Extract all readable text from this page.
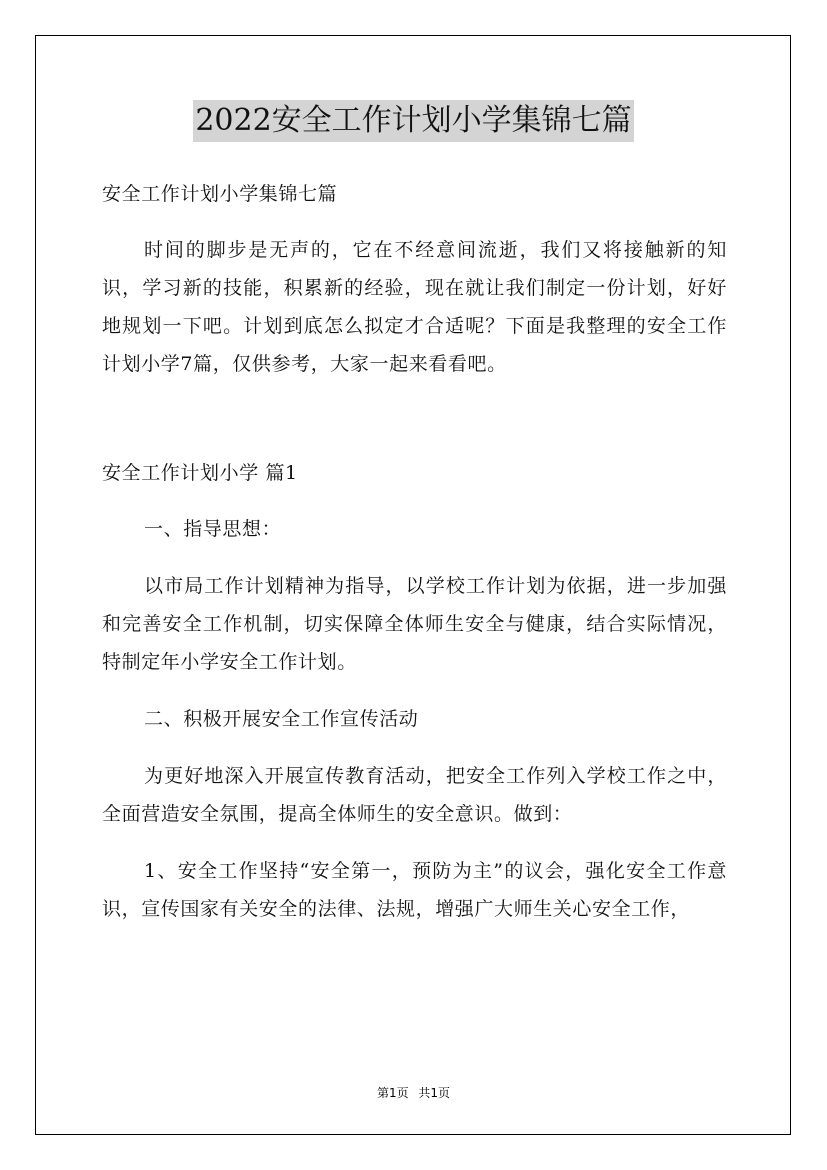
2022安全工作计划小学集锦七篇

安全工作计划小学集锦七篇

时间的脚步是无声的，它在不经意间流逝，我们又将接触新的知识，学习新的技能，积累新的经验，现在就让我们制定一份计划，好好地规划一下吧。计划到底怎么拟定才合适呢？下面是我整理的安全工作计划小学7篇，仅供参考，大家一起来看看吧。

安全工作计划小学 篇1

一、指导思想：

以市局工作计划精神为指导，以学校工作计划为依据，进一步加强和完善安全工作机制，切实保障全体师生安全与健康，结合实际情况，特制定年小学安全工作计划。

二、积极开展安全工作宣传活动

为更好地深入开展宣传教育活动，把安全工作列入学校工作之中，全面营造安全氛围，提高全体师生的安全意识。做到：

1、安全工作坚持“安全第一，预防为主”的议会，强化安全工作意识，宣传国家有关安全的法律、法规，增强广大师生关心安全工作，

第1页 共1页
